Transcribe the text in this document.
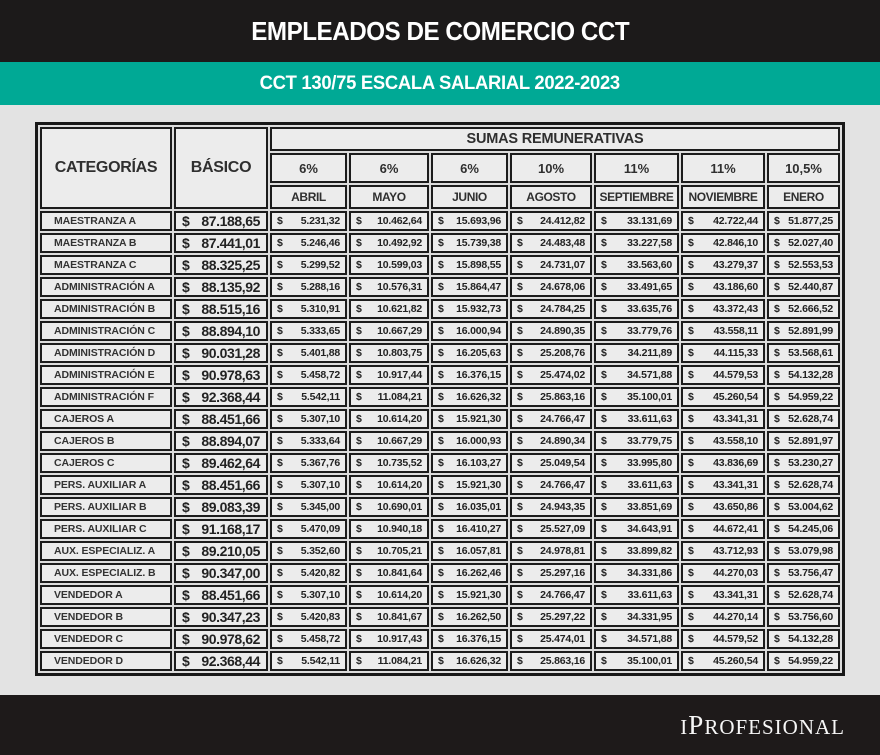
EMPLEADOS DE COMERCIO CCT
CCT 130/75 ESCALA SALARIAL 2022-2023
CATEGORÍAS	BÁSICO
SUMAS REMUNERATIVAS
6%	6%	6%	10%	11%	11%	10,5%
ABRIL	MAYO	JUNIO	AGOSTO	SEPTIEMBRE	NOVIEMBRE	ENERO
MAESTRANZA A	$ 87.188,65 $ 5.231,32 $ 10.462,64 $ 15.693,96 $ 24.412,82 $ 33.131,69 $ 42.722,44 $ 51.877,25
MAESTRANZA B	$ 87.441,01 $ 5.246,46 $ 10.492,92 $ 15.739,38 $ 24.483,48 $ 33.227,58 $ 42.846,10 $ 52.027,40
MAESTRANZA C	$ 88.325,25 $ 5.299,52 $ 10.599,03 $ 15.898,55 $ 24.731,07 $ 33.563,60 $ 43.279,37 $ 52.553,53
ADMINISTRACIÓN A	$ 88.135,92 $ 5.288,16 $ 10.576,31 $ 15.864,47 $ 24.678,06 $ 33.491,65 $ 43.186,60 $ 52.440,87
ADMINISTRACIÓN B	$ 88.515,16 $ 5.310,91 $ 10.621,82 $ 15.932,73 $ 24.784,25 $ 33.635,76 $ 43.372,43 $ 52.666,52
ADMINISTRACIÓN C	$ 88.894,10 $ 5.333,65 $ 10.667,29 $ 16.000,94 $ 24.890,35 $ 33.779,76 $ 43.558,11 $ 52.891,99
ADMINISTRACIÓN D	$ 90.031,28 $ 5.401,88 $ 10.803,75 $ 16.205,63 $ 25.208,76 $ 34.211,89 $ 44.115,33 $ 53.568,61
ADMINISTRACIÓN E	$ 90.978,63 $ 5.458,72 $ 10.917,44 $ 16.376,15 $ 25.474,02 $ 34.571,88 $ 44.579,53 $ 54.132,28
ADMINISTRACIÓN F	$ 92.368,44 $ 5.542,11 $ 11.084,21 $ 16.626,32 $ 25.863,16 $ 35.100,01 $ 45.260,54 $ 54.959,22
CAJEROS A	$ 88.451,66 $ 5.307,10 $ 10.614,20 $ 15.921,30 $ 24.766,47 $ 33.611,63 $ 43.341,31 $ 52.628,74
CAJEROS B	$ 88.894,07 $ 5.333,64 $ 10.667,29 $ 16.000,93 $ 24.890,34 $ 33.779,75 $ 43.558,10 $ 52.891,97
CAJEROS C	$ 89.462,64 $ 5.367,76 $ 10.735,52 $ 16.103,27 $ 25.049,54 $ 33.995,80 $ 43.836,69 $ 53.230,27
PERS. AUXILIAR A	$ 88.451,66 $ 5.307,10 $ 10.614,20 $ 15.921,30 $ 24.766,47 $ 33.611,63 $ 43.341,31 $ 52.628,74
PERS. AUXILIAR B	$ 89.083,39 $ 5.345,00 $ 10.690,01 $ 16.035,01 $ 24.943,35 $ 33.851,69 $ 43.650,86 $ 53.004,62
PERS. AUXILIAR C	$ 91.168,17 $ 5.470,09 $ 10.940,18 $ 16.410,27 $ 25.527,09 $ 34.643,91 $ 44.672,41 $ 54.245,06
AUX. ESPECIALIZ. A	$ 89.210,05 $ 5.352,60 $ 10.705,21 $ 16.057,81 $ 24.978,81 $ 33.899,82 $ 43.712,93 $ 53.079,98
AUX. ESPECIALIZ. B	$ 90.347,00 $ 5.420,82 $ 10.841,64 $ 16.262,46 $ 25.297,16 $ 34.331,86 $ 44.270,03 $ 53.756,47
VENDEDOR A	$ 88.451,66 $ 5.307,10 $ 10.614,20 $ 15.921,30 $ 24.766,47 $ 33.611,63 $ 43.341,31 $ 52.628,74
VENDEDOR B	$ 90.347,23 $ 5.420,83 $ 10.841,67 $ 16.262,50 $ 25.297,22 $ 34.331,95 $ 44.270,14 $ 53.756,60
VENDEDOR C	$ 90.978,62 $ 5.458,72 $ 10.917,43 $ 16.376,15 $ 25.474,01 $ 34.571,88 $ 44.579,52 $ 54.132,28
VENDEDOR D	$ 92.368,44 $ 5.542,11 $ 11.084,21 $ 16.626,32 $ 25.863,16 $ 35.100,01 $ 45.260,54 $ 54.959,22
IPROFESIONAL
